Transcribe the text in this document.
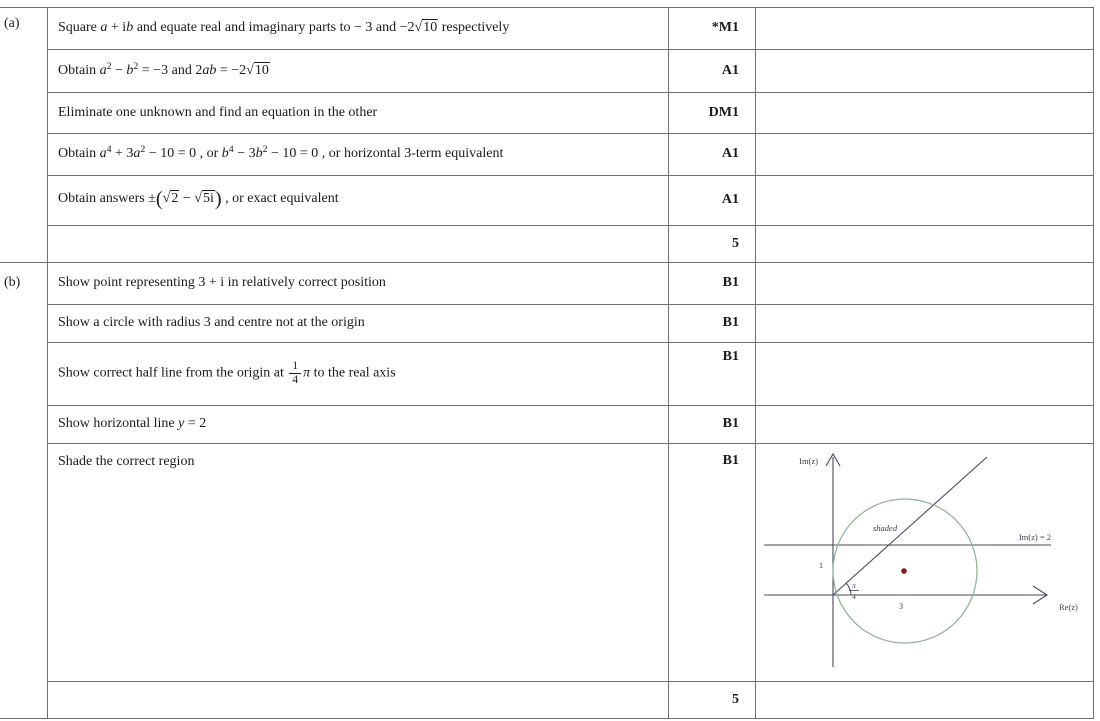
(a)
(b)
Square a + ib and equate real and imaginary parts to − 3 and −2√10 respectively
Obtain $a^2 - b^2 = -3$ and 2ab = −2√10
Eliminate one unknown and find an equation in the other
Obtain $a^4 + 3a^2 - 10 = 0$ , or $b^4 - 3b^2 - 10 = 0$ , or horizontal 3-term equivalent
Obtain answers ±(√2 − √5i) , or exact equivalent
Show point representing 3 + i in relatively correct position
Show a circle with radius 3 and centre not at the origin
Show correct half line from the origin at $\frac{1}{4}$ π to the real axis
Show horizontal line y = 2
Shade the correct region
*M1
A1
DM1
A1
A1
5
B1
B1
B1
B1
B1
5
Im(z)
Re(z)
Im(z) = 2
shaded
1
3
π
4
